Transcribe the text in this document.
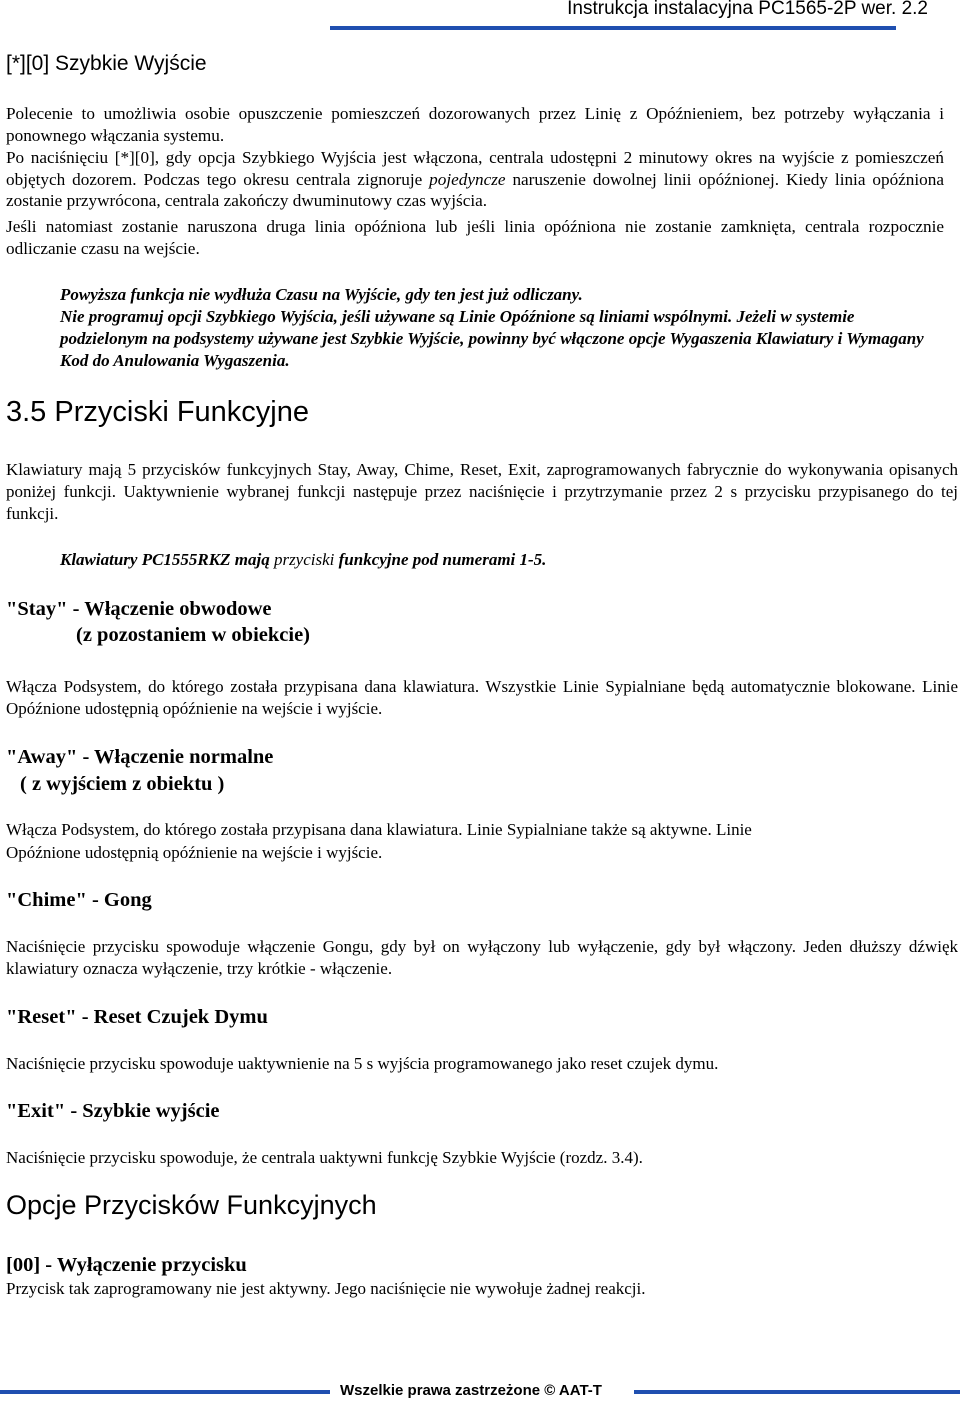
Instrukcja instalacyjna PC1565-2P wer. 2.2
[*][0] Szybkie Wyjście
Polecenie to umożliwia osobie opuszczenie pomieszczeń dozorowanych przez Linię z Opóźnieniem, bez potrzeby wyłączania i ponownego włączania systemu.
Po naciśnięciu [*][0], gdy opcja Szybkiego Wyjścia jest włączona, centrala udostępni 2 minutowy okres na wyjście z pomieszczeń objętych dozorem. Podczas tego okresu centrala zignoruje pojedyncze naruszenie dowolnej linii opóźnionej. Kiedy linia opóźniona zostanie przywrócona, centrala zakończy dwuminutowy czas wyjścia.
Jeśli natomiast zostanie naruszona druga linia opóźniona lub jeśli linia opóźniona nie zostanie zamknięta, centrala rozpocznie odliczanie czasu na wejście.
Powyższa funkcja nie wydłuża Czasu na Wyjście, gdy ten jest już odliczany.
Nie programuj opcji Szybkiego Wyjścia, jeśli używane są Linie Opóźnione są liniami wspólnymi. Jeżeli w systemie podzielonym na podsystemy używane jest Szybkie Wyjście, powinny być włączone opcje Wygaszenia Klawiatury i Wymagany Kod do Anulowania Wygaszenia.
3.5 Przyciski Funkcyjne
Klawiatury mają 5 przycisków funkcyjnych Stay, Away, Chime, Reset, Exit, zaprogramowanych fabrycznie do wykonywania opisanych poniżej funkcji. Uaktywnienie wybranej funkcji następuje przez naciśnięcie i przytrzymanie przez 2 s przycisku przypisanego do tej funkcji.
Klawiatury PC1555RKZ mają przyciski funkcyjne pod numerami 1-5.
"Stay" - Włączenie obwodowe
(z pozostaniem w obiekcie)
Włącza Podsystem, do którego została przypisana dana klawiatura. Wszystkie Linie Sypialniane będą automatycznie blokowane. Linie Opóźnione udostępnią opóźnienie na wejście i wyjście.
"Away" - Włączenie normalne
( z wyjściem z obiektu )
Włącza Podsystem, do którego została przypisana dana klawiatura. Linie Sypialniane także są aktywne. Linie
Opóźnione udostępnią opóźnienie na wejście i wyjście.
"Chime" - Gong
Naciśnięcie przycisku spowoduje włączenie Gongu, gdy był on wyłączony lub wyłączenie, gdy był włączony. Jeden dłuższy dźwięk klawiatury oznacza wyłączenie, trzy krótkie - włączenie.
"Reset" - Reset Czujek Dymu
Naciśnięcie przycisku spowoduje uaktywnienie na 5 s wyjścia programowanego jako reset czujek dymu.
"Exit" - Szybkie wyjście
Naciśnięcie przycisku spowoduje, że centrala uaktywni funkcję Szybkie Wyjście (rozdz. 3.4).
Opcje Przycisków Funkcyjnych
[00] - Wyłączenie przycisku
Przycisk tak zaprogramowany nie jest aktywny. Jego naciśnięcie nie wywołuje żadnej reakcji.
Wszelkie prawa zastrzeżone © AAT-T
